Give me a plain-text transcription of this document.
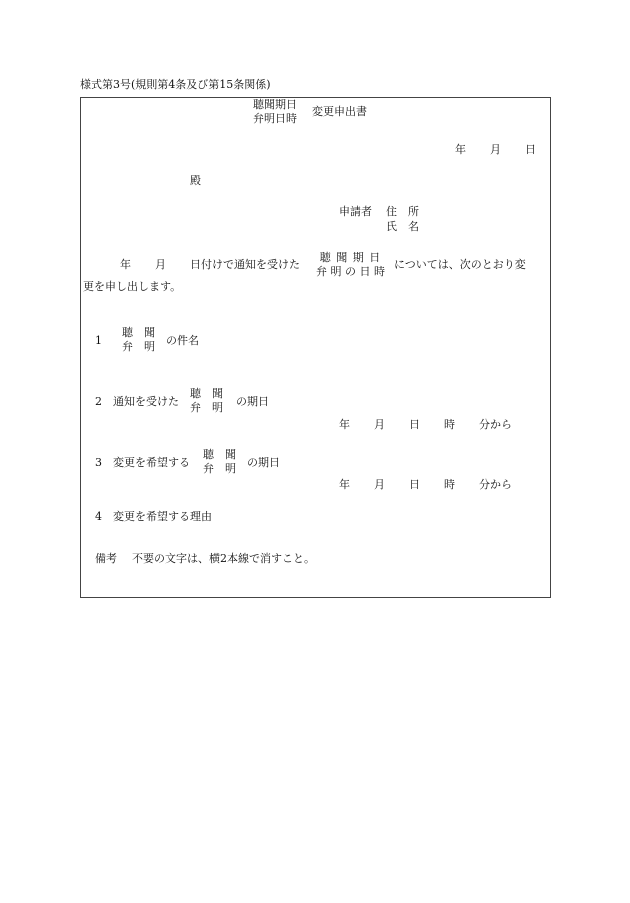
様式第3号(規則第4条及び第15条関係)
聴聞期日
弁明日時
変更申出書
年 月 日
殿
申請者 住　所
氏　名
年 月 日付けで通知を受けた
聴 聞 期 日
弁 明 の 日 時
については、次のとおり変
更を申し出します。
1
聴　聞
弁　明 の件名
2 通知を受けた
聴　聞
弁　明 の期日
年 月 日 時 分から
3 変更を希望する
聴　聞
弁　明 の期日
年 月 日 時 分から
4 変更を希望する理由
備考 不要の文字は、横2本線で消すこと。
